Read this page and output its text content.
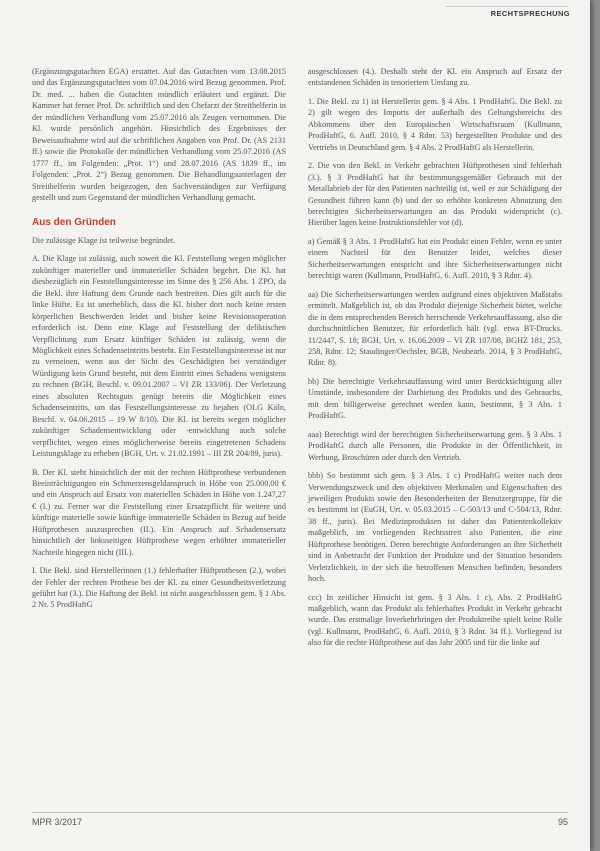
RECHTSPRECHUNG

(Ergänzungsgutachten EGA) erstattet. Auf das Gutachten vom 13.08.2015 und das Ergänzungsgutachten vom 07.04.2016 wird Bezug genommen. Prof. Dr. med. ... haben die Gutachten mündlich erläutert und ergänzt. Die Kammer hat ferner Prof. Dr. schriftlich und den Chefarzt der Streithelferin in der mündlichen Verhandlung vom 25.07.2016 als Zeugen vernommen. Die Kl. wurde persönlich angehört. Hinsichtlich des Ergebnisses der Beweisaufnahme wird auf die schriftlichen Angaben von Prof. Dr. (AS 2131 ff.) sowie die Protokolle der mündlichen Verhandlung vom 25.07.2016 (AS 1777 ff., im Folgenden: „Prot. 1“) und 28.07.2016 (AS 1839 ff., im Folgenden: „Prot. 2“) Bezug genommen. Die Behandlungsunterlagen der Streithelferin wurden beigezogen, den Sachverständigen zur Verfügung gestellt und zum Gegenstand der mündlichen Verhandlung gemacht.

Aus den Gründen

Die zulässige Klage ist teilweise begründet.

A. Die Klage ist zulässig, auch soweit die Kl. Feststellung wegen möglicher zukünftiger materieller und immaterieller Schäden begehrt. Die Kl. hat diesbezüglich ein Feststellungsinteresse im Sinne des § 256 Abs. 1 ZPO, da die Bekl. ihre Haftung dem Grunde nach bestreiten. Dies gilt auch für die linke Hüfte. Es ist unerheblich, dass die Kl. bisher dort noch keine ersten körperlichen Beschwerden leidet und bisher keine Revisionsoperation erforderlich ist. Denn eine Klage auf Feststellung der deliktischen Verpflichtung zum Ersatz künftiger Schäden ist zulässig, wenn die Möglichkeit eines Schadenseintritts besteht. Ein Feststellungsinteresse ist nur zu verneinen, wenn aus der Sicht des Geschädigten bei verständiger Würdigung kein Grund besteht, mit dem Eintritt eines Schadens wenigstens zu rechnen (BGH, Beschl. v. 09.01.2007 – VI ZR 133/06). Der Verletzung eines absoluten Rechtsguts genügt bereits die Möglichkeit eines Schadenseintritts, um das Feststellungsinteresse zu bejahen (OLG Köln, Beschl. v. 04.06.2015 – 19 W 8/10). Die Kl. ist bereits wegen möglicher zukünftiger Schadensentwicklung oder -entwicklung auch solche verpflichtet, wegen eines möglicherweise bereits eingetretenen Schadens Leistungsklage zu erheben (BGH, Urt. v. 21.02.1991 – III ZR 204/89, juris).

B. Der Kl. steht hinsichtlich der mit der rechten Hüftprothese verbundenen Beeinträchtigungen ein Schmerzensgeldanspruch in Höhe von 25.000,00 € und ein Anspruch auf Ersatz von materiellen Schäden in Höhe von 1.247,27 € (I.) zu. Ferner war die Feststellung einer Ersatzpflicht für weitere und künftige materielle sowie künftige immaterielle Schäden in Bezug auf beide Hüftprothesen auszusprechen (II.). Ein Anspruch auf Schadensersatz hinsichtlich der linksseitigen Hüftprothese wegen erhöhter immaterieller Nachteile hingegen nicht (III.).

I. Die Bekl. sind Herstellerinnen (1.) fehlerhafter Hüftprothesen (2.), wobei der Fehler der rechten Prothese bei der Kl. zu einer Gesundheitsverletzung geführt hat (3.). Die Haftung der Bekl. ist nicht ausgeschlossen gem. § 1 Abs. 2 Nr. 5 ProdHaftG

ausgeschlossen (4.). Deshalb steht der Kl. ein Anspruch auf Ersatz der entstandenen Schäden in tenoriertem Umfang zu.

1. Die Bekl. zu 1) ist Herstellerin gem. § 4 Abs. 1 ProdHaftG. Die Bekl. zu 2) gilt wegen des Imports der außerhalb des Geltungsbereichs des Abkommens über den Europäischen Wirtschaftsraum (Kullmann, ProdHaftG, 6. Aufl. 2010, § 4 Rdnr. 53) hergestellten Produkte und des Vertriebs in Deutschland gem. § 4 Abs. 2 ProdHaftG als Herstellerin.

2. Die von den Bekl. in Verkehr gebrachten Hüftprothesen sind fehlerhaft (3.). § 3 ProdHaftG hat ihr bestimmungsgemäßer Gebrauch mit der Metallabrieb der für den Patienten nachteilig ist, weil er zur Schädigung der Gesundheit führen kann (b) und der so erhöhte konkreten Abnutzung den berechtigten Sicherheitserwartungen an das Produkt widerspricht (c). Hierüber lagen keine Instruktionsfehler vor (d).

a) Gemäß § 3 Abs. 1 ProdHaftG hat ein Produkt einen Fehler, wenn es unter einem Nachteil für den Benutzer leidet, welches dieser Sicherheitserwartungen entspricht und ihre Sicherheitserwartungen nicht berechtigt waren (Kullmann, ProdHaftG, 6. Aufl. 2010, § 3 Rdnr. 4).

aa) Die Sicherheitserwartungen werden aufgrund eines objektiven Maßstabs ermittelt. Maßgeblich ist, ob das Produkt diejenige Sicherheit bietet, welche die in dem entsprechenden Bereich herrschende Verkehrsauffassung, also die durchschnittlichen Benutzer, für erforderlich hält (vgl. etwa BT-Drucks. 11/2447, S. 18; BGH, Urt. v. 16.06.2009 – VI ZR 107/08, BGHZ 181, 253, 258, Rdnr. 12; Staudinger/Oechsler, BGB, Neubearb. 2014, § 3 ProdHaftG, Rdnr. 8).

bb) Die berechtigte Verkehrsauffassung wird unter Berücksichtigung aller Umstände, insbesondere der Darbietung des Produkts und des Gebrauchs, mit dem billigerweise gerechnet werden kann, bestimmt, § 3 Abs. 1 ProdHaftG.

aaa) Berechtigt wird der berechtigten Sicherheitserwartung gem. § 3 Abs. 1 ProdHaftG durch alle Personen, die Produkte in der Öffentlichkeit, in Werbung, Broschüren oder durch den Vertrieb.

bbb) So bestimmt sich gem. § 3 Abs. 1 c) ProdHaftG weiter nach dem Verwendungszweck und den objektiven Merkmalen und Eigenschaften des jeweiligen Produkts sowie den Besonderheiten der Benutzergruppe, für die es bestimmt ist (EuGH, Urt. v. 05.03.2015 – C-503/13 und C-504/13, Rdnr. 38 ff., juris). Bei Medizinprodukten ist daher das Patientenkollektiv maßgeblich, im vorliegenden Rechtsstreit also Patienten, die eine Hüftprothese benötigen. Deren berechtigte Anforderungen an ihre Sicherheit sind in Anbetracht der Funktion der Produkte und der Situation besonders Verletzlichkeit, in der sich die betroffenen Menschen befinden, besonders hoch.

ccc) In zeitlicher Hinsicht ist gem. § 3 Abs. 1 c), Abs. 2 ProdHaftG maßgeblich, wann das Produkt als fehlerhaftes Produkt in Verkehr gebracht wurde. Das erstmalige Inverkehrbringen der Produktreihe spielt keine Rolle (vgl. Kullmann, ProdHaftG, 6. Aufl. 2010, § 3 Rdnr. 34 ff.). Vorliegend ist also für die rechte Hüftprothese auf das Jahr 2005 und für die linke auf

MPR 3/2017	95
